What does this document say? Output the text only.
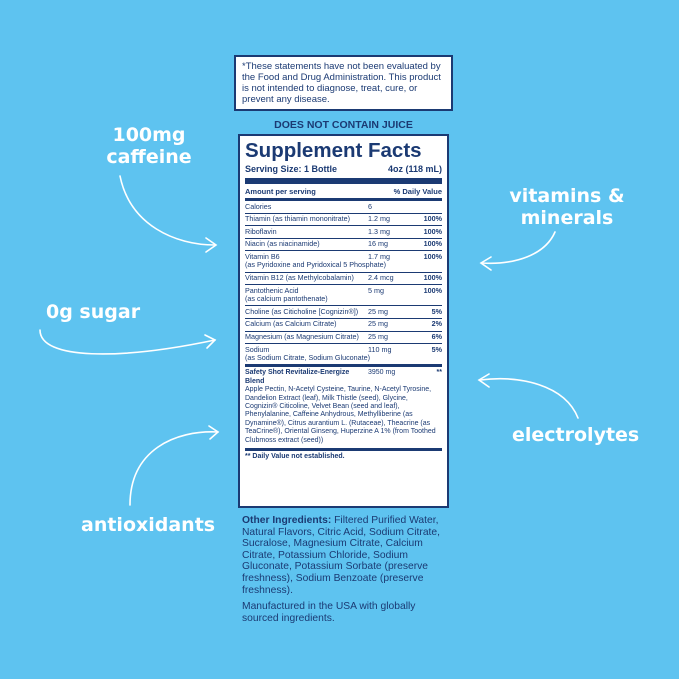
100mg
caffeine
vitamins &
minerals
0g sugar
electrolytes
antioxidants
*These statements have not been evaluated by the Food and Drug Administration. This product is not intended to diagnose, treat, cure, or prevent any disease.
DOES NOT CONTAIN JUICE
Supplement Facts
Serving Size: 1 Bottle	4oz (118 mL)
Amount per serving	% Daily Value
Calories	6
Thiamin (as thiamin mononitrate)	1.2 mg	100%
Riboflavin	1.3 mg	100%
Niacin (as niacinamide)	16 mg	100%
Vitamin B6
(as Pyridoxine and Pyridoxical 5 Phosphate)
1.7 mg	100%
Vitamin B12 (as Methylcobalamin)	2.4 mcg	100%
Pantothenic Acid
(as calcium pantothenate)
5 mg	100%
Choline (as Citicholine [Cognizin®])	25 mg	5%
Calcium (as Calcium Citrate)	25 mg	2%
Magnesium (as Magnesium Citrate)	25 mg	6%
Sodium
(as Sodium Citrate, Sodium Gluconate)
110 mg	5%
Safety Shot Revitalize-Energize Blend
3950 mg	**
Apple Pectin, N-Acetyl Cysteine, Taurine, N-Acetyl Tyrosine, Dandelion Extract (leaf), Milk Thistle (seed), Glycine, Cognizin® Citicoline, Velvet Bean (seed and leaf), Phenylalanine, Caffeine Anhydrous, Methylliberine (as Dynamine®), Citrus aurantium L. (Rutaceae), Theacrine (as TeaCrine®), Oriental Ginseng, Huperzine A 1% (from Toothed Clubmoss extract (seed))
** Daily Value not established.
Other Ingredients: Filtered Purified Water, Natural Flavors, Citric Acid, Sodium Citrate, Sucralose, Magnesium Citrate, Calcium Citrate, Potassium Chloride, Sodium Gluconate, Potassium Sorbate (preserve freshness), Sodium Benzoate (preserve freshness).
Manufactured in the USA with globally sourced ingredients.
